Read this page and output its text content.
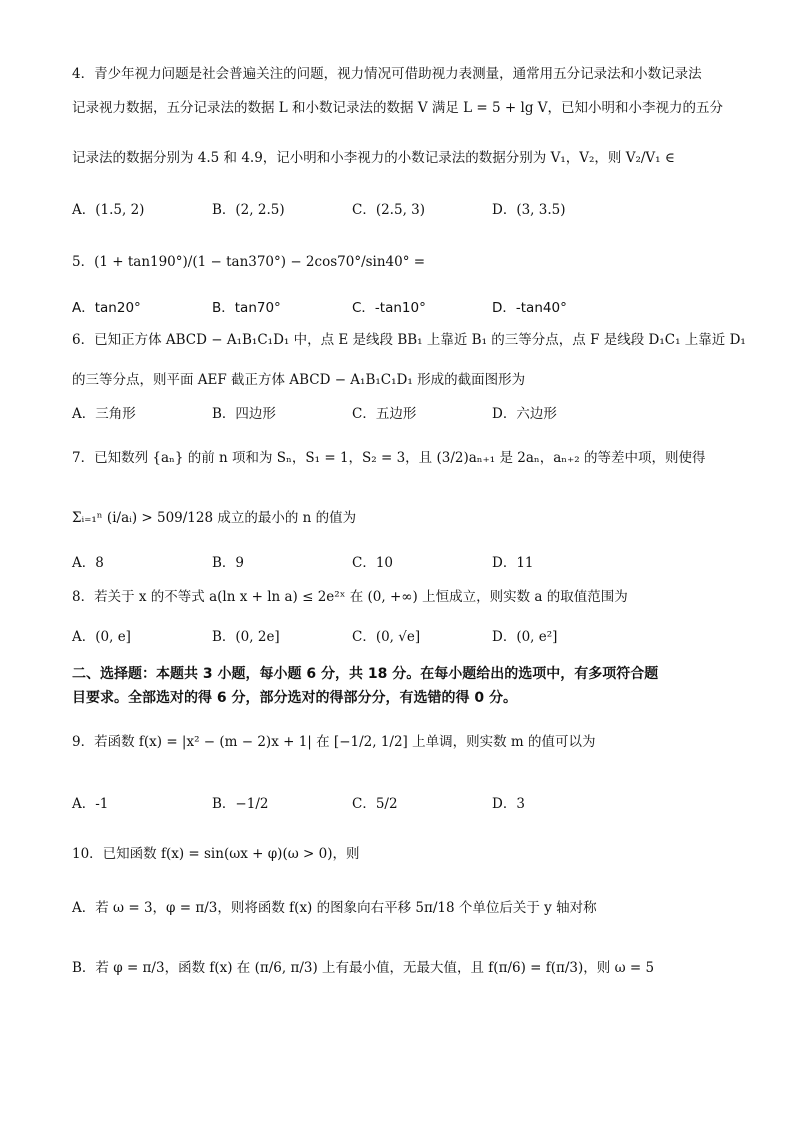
4．青少年视力问题是社会普遍关注的问题，视力情况可借助视力表测量，通常用五分记录法和小数记录法
记录视力数据，五分记录法的数据 L 和小数记录法的数据 V 满足 L = 5 + lg V，已知小明和小李视力的五分
记录法的数据分别为 4.5 和 4.9，记小明和小李视力的小数记录法的数据分别为 V₁，V₂，则 V₂/V₁ ∈
A．(1.5, 2)	B．(2, 2.5)	C．(2.5, 3)	D．(3, 3.5)
5．(1 + tan190°)/(1 − tan370°) − 2cos70°/sin40° =
A．tan20°	B．tan70°	C．-tan10°	D．-tan40°
6．已知正方体 ABCD − A₁B₁C₁D₁ 中，点 E 是线段 BB₁ 上靠近 B₁ 的三等分点，点 F 是线段 D₁C₁ 上靠近 D₁
的三等分点，则平面 AEF 截正方体 ABCD − A₁B₁C₁D₁ 形成的截面图形为
A．三角形	B．四边形	C．五边形	D．六边形
7．已知数列 {aₙ} 的前 n 项和为 Sₙ，S₁ = 1，S₂ = 3，且 (3/2)aₙ₊₁ 是 2aₙ，aₙ₊₂ 的等差中项，则使得
Σᵢ₌₁ⁿ (i/aᵢ) > 509/128 成立的最小的 n 的值为
A．8	B．9	C．10	D．11
8．若关于 x 的不等式 a(ln x + ln a) ≤ 2e²ˣ 在 (0, +∞) 上恒成立，则实数 a 的取值范围为
A．(0, e]	B．(0, 2e]	C．(0, √e]	D．(0, e²]
二、选择题：本题共 3 小题，每小题 6 分，共 18 分。在每小题给出的选项中，有多项符合题
目要求。全部选对的得 6 分，部分选对的得部分分，有选错的得 0 分。
9．若函数 f(x) = |x² − (m − 2)x + 1| 在 [−1/2, 1/2] 上单调，则实数 m 的值可以为
A．-1	B．−1/2	C．5/2	D．3
10．已知函数 f(x) = sin(ωx + φ)(ω > 0)，则
A．若 ω = 3，φ = π/3，则将函数 f(x) 的图象向右平移 5π/18 个单位后关于 y 轴对称
B．若 φ = π/3，函数 f(x) 在 (π/6, π/3) 上有最小值，无最大值，且 f(π/6) = f(π/3)，则 ω = 5
